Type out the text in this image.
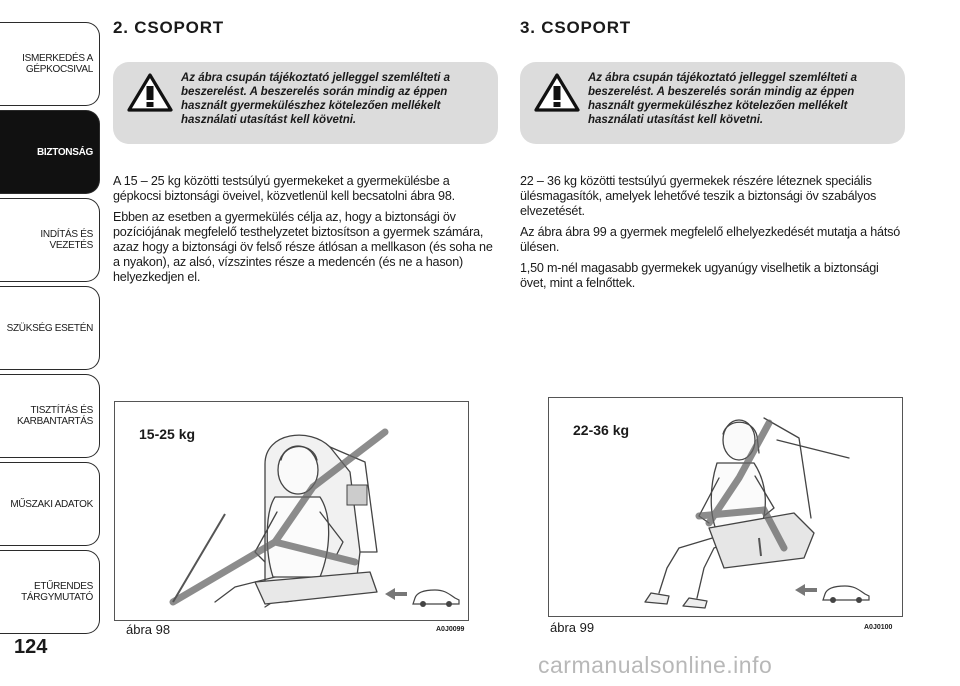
ISMERKEDÉS A GÉPKOCSIVAL
BIZTONSÁG
INDÍTÁS ÉS VEZETÉS
SZÜKSÉG ESETÉN
TISZTÍTÁS ÉS KARBANTARTÁS
MŰSZAKI ADATOK
ETŰRENDES TÁRGYMUTATÓ
124
2. CSOPORT
Az ábra csupán tájékoztató jelleggel szemlélteti a beszerelést. A beszerelés során mindig az éppen használt gyermekülészhez kötelezően mellékelt használati utasítást kell követni.

A 15 – 25 kg közötti testsúlyú gyermekeket a gyermekülésbe a gépkocsi biztonsági öveivel, közvetlenül kell becsatolni ábra 98.

Ebben az esetben a gyermekülés célja az, hogy a biztonsági öv pozíciójának megfelelő testhelyzetet biztosítson a gyermek számára, azaz hogy a biztonsági öv felső része átlósan a mellkason (és soha ne a nyakon), az alsó, vízszintes része a medencén (és ne a hason) helyezkedjen el.

3. CSOPORT
Az ábra csupán tájékoztató jelleggel szemlélteti a beszerelést. A beszerelés során mindig az éppen használt gyermekülészhez kötelezően mellékelt használati utasítást kell követni.

22 – 36 kg közötti testsúlyú gyermekek részére léteznek speciális ülésmagasítók, amelyek lehetővé teszik a biztonsági öv szabályos elvezetését.

Az ábra ábra 99 a gyermek megfelelő elhelyezkedését mutatja a hátsó ülésen.

1,50 m-nél magasabb gyermekek ugyanúgy viselhetik a biztonsági övet, mint a felnőttek.

15-25 kg
ábra 98	A0J0099
22-36 kg
ábra 99	A0J0100
carmanualsonline.info
